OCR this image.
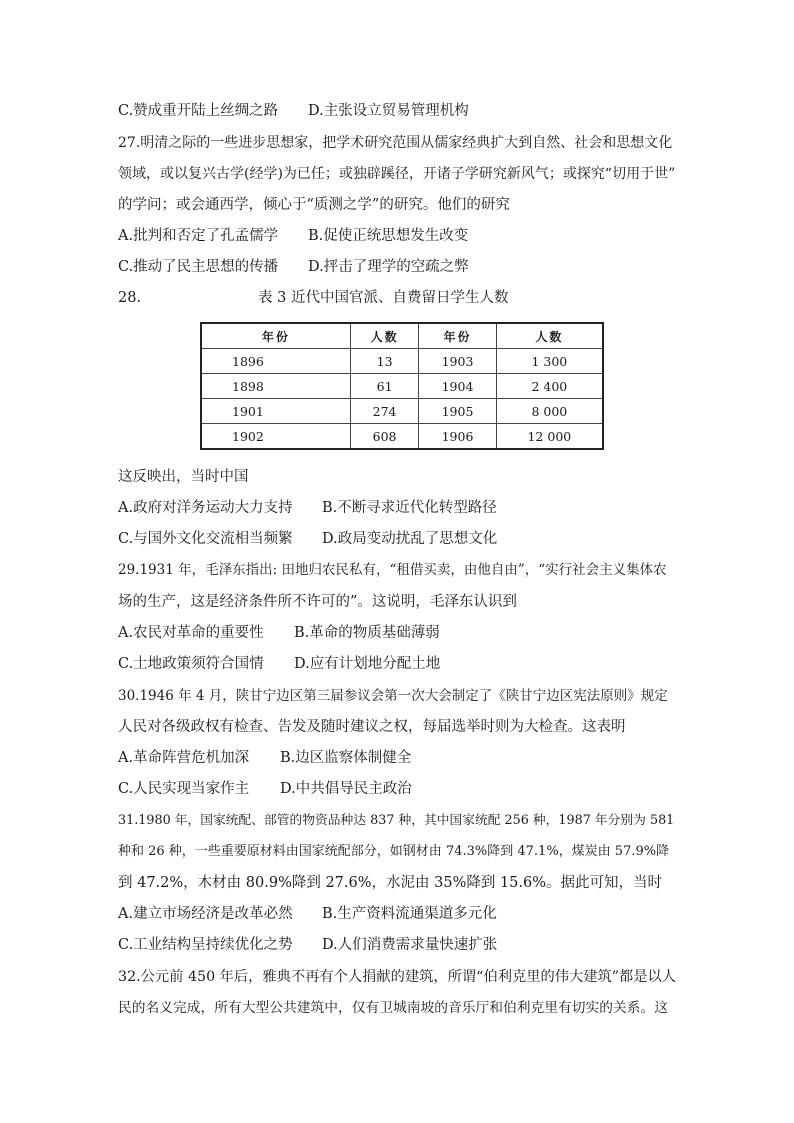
C.赞成重开陆上丝绸之路 D.主张设立贸易管理机构
27.明清之际的一些进步思想家，把学术研究范围从儒家经典扩大到自然、社会和思想文化
领域，或以复兴古学(经学)为已任；或独辟蹊径，开诸子学研究新风气；或探究“切用于世”
的学问；或会通西学，倾心于“质测之学”的研究。他们的研究
A.批判和否定了孔孟儒学 B.促使正统思想发生改变
C.推动了民主思想的传播 D.抨击了理学的空疏之弊
28.	表 3 近代中国官派、自费留日学生人数
年份	人数	年份	人数
1896	13	1903	1 300
1898	61	1904	2 400
1901	274	1905	8 000
1902	608	1906	12 000
这反映出，当时中国
A.政府对洋务运动大力支持 B.不断寻求近代化转型路径
C.与国外文化交流相当频繁 D.政局变动扰乱了思想文化
29.1931 年，毛泽东指出: 田地归农民私有，“租借买卖，由他自由”，“实行社会主义集体农
场的生产，这是经济条件所不许可的”。这说明，毛泽东认识到
A.农民对革命的重要性 B.革命的物质基础薄弱
C.土地政策须符合国情 D.应有计划地分配土地
30.1946 年 4 月，陕甘宁边区第三届参议会第一次大会制定了《陕甘宁边区宪法原则》规定
人民对各级政权有检查、告发及随时建议之权，每届选举时则为大检查。这表明
A.革命阵营危机加深 B.边区监察体制健全
C.人民实现当家作主 D.中共倡导民主政治
31.1980 年，国家统配、部管的物资品种达 837 种，其中国家统配 256 种，1987 年分别为 581
种和 26 种，一些重要原材料由国家统配部分，如钢材由 74.3%降到 47.1%，煤炭由 57.9%降
到 47.2%，木材由 80.9%降到 27.6%，水泥由 35%降到 15.6%。据此可知，当时
A.建立市场经济是改革必然 B.生产资料流通渠道多元化
C.工业结构呈持续优化之势 D.人们消费需求量快速扩张
32.公元前 450 年后，雅典不再有个人捐献的建筑，所谓“伯利克里的伟大建筑”都是以人
民的名义完成，所有大型公共建筑中，仅有卫城南坡的音乐厅和伯利克里有切实的关系。这
